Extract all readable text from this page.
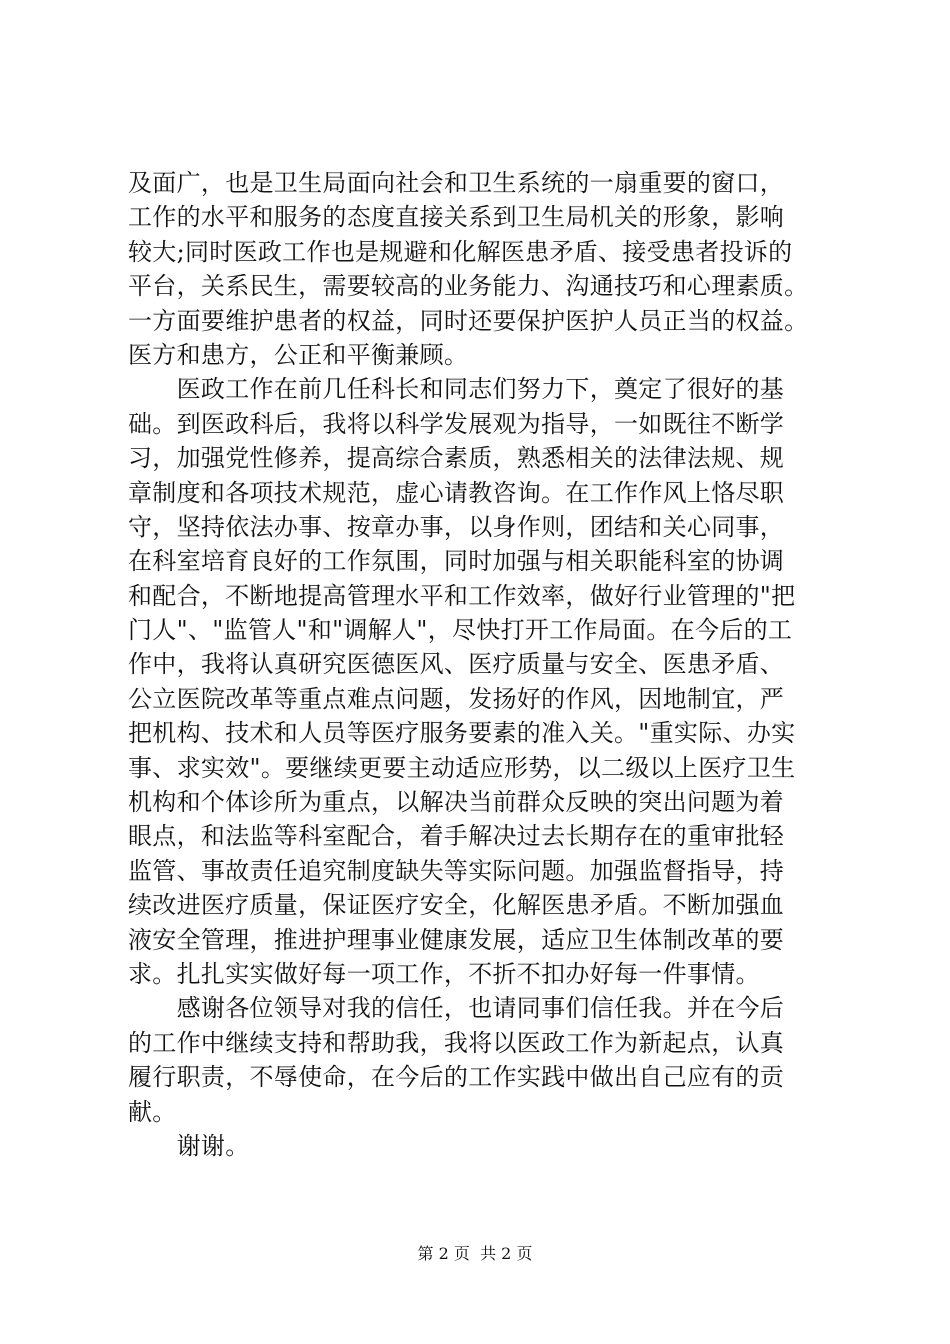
及面广，也是卫生局面向社会和卫生系统的一扇重要的窗口，
工作的水平和服务的态度直接关系到卫生局机关的形象，影响
较大;同时医政工作也是规避和化解医患矛盾、接受患者投诉的
平台，关系民生，需要较高的业务能力、沟通技巧和心理素质。
一方面要维护患者的权益，同时还要保护医护人员正当的权益。
医方和患方，公正和平衡兼顾。
　　医政工作在前几任科长和同志们努力下，奠定了很好的基
础。到医政科后，我将以科学发展观为指导，一如既往不断学
习，加强党性修养，提高综合素质，熟悉相关的法律法规、规
章制度和各项技术规范，虚心请教咨询。在工作作风上恪尽职
守，坚持依法办事、按章办事，以身作则，团结和关心同事，
在科室培育良好的工作氛围，同时加强与相关职能科室的协调
和配合，不断地提高管理水平和工作效率，做好行业管理的"把
门人"、"监管人"和"调解人"，尽快打开工作局面。在今后的工
作中，我将认真研究医德医风、医疗质量与安全、医患矛盾、
公立医院改革等重点难点问题，发扬好的作风，因地制宜，严
把机构、技术和人员等医疗服务要素的准入关。"重实际、办实
事、求实效"。要继续更要主动适应形势，以二级以上医疗卫生
机构和个体诊所为重点，以解决当前群众反映的突出问题为着
眼点，和法监等科室配合，着手解决过去长期存在的重审批轻
监管、事故责任追究制度缺失等实际问题。加强监督指导，持
续改进医疗质量，保证医疗安全，化解医患矛盾。不断加强血
液安全管理，推进护理事业健康发展，适应卫生体制改革的要
求。扎扎实实做好每一项工作，不折不扣办好每一件事情。
　　感谢各位领导对我的信任，也请同事们信任我。并在今后
的工作中继续支持和帮助我，我将以医政工作为新起点，认真
履行职责，不辱使命，在今后的工作实践中做出自己应有的贡
献。
　　谢谢。
第 2 页  共 2 页
